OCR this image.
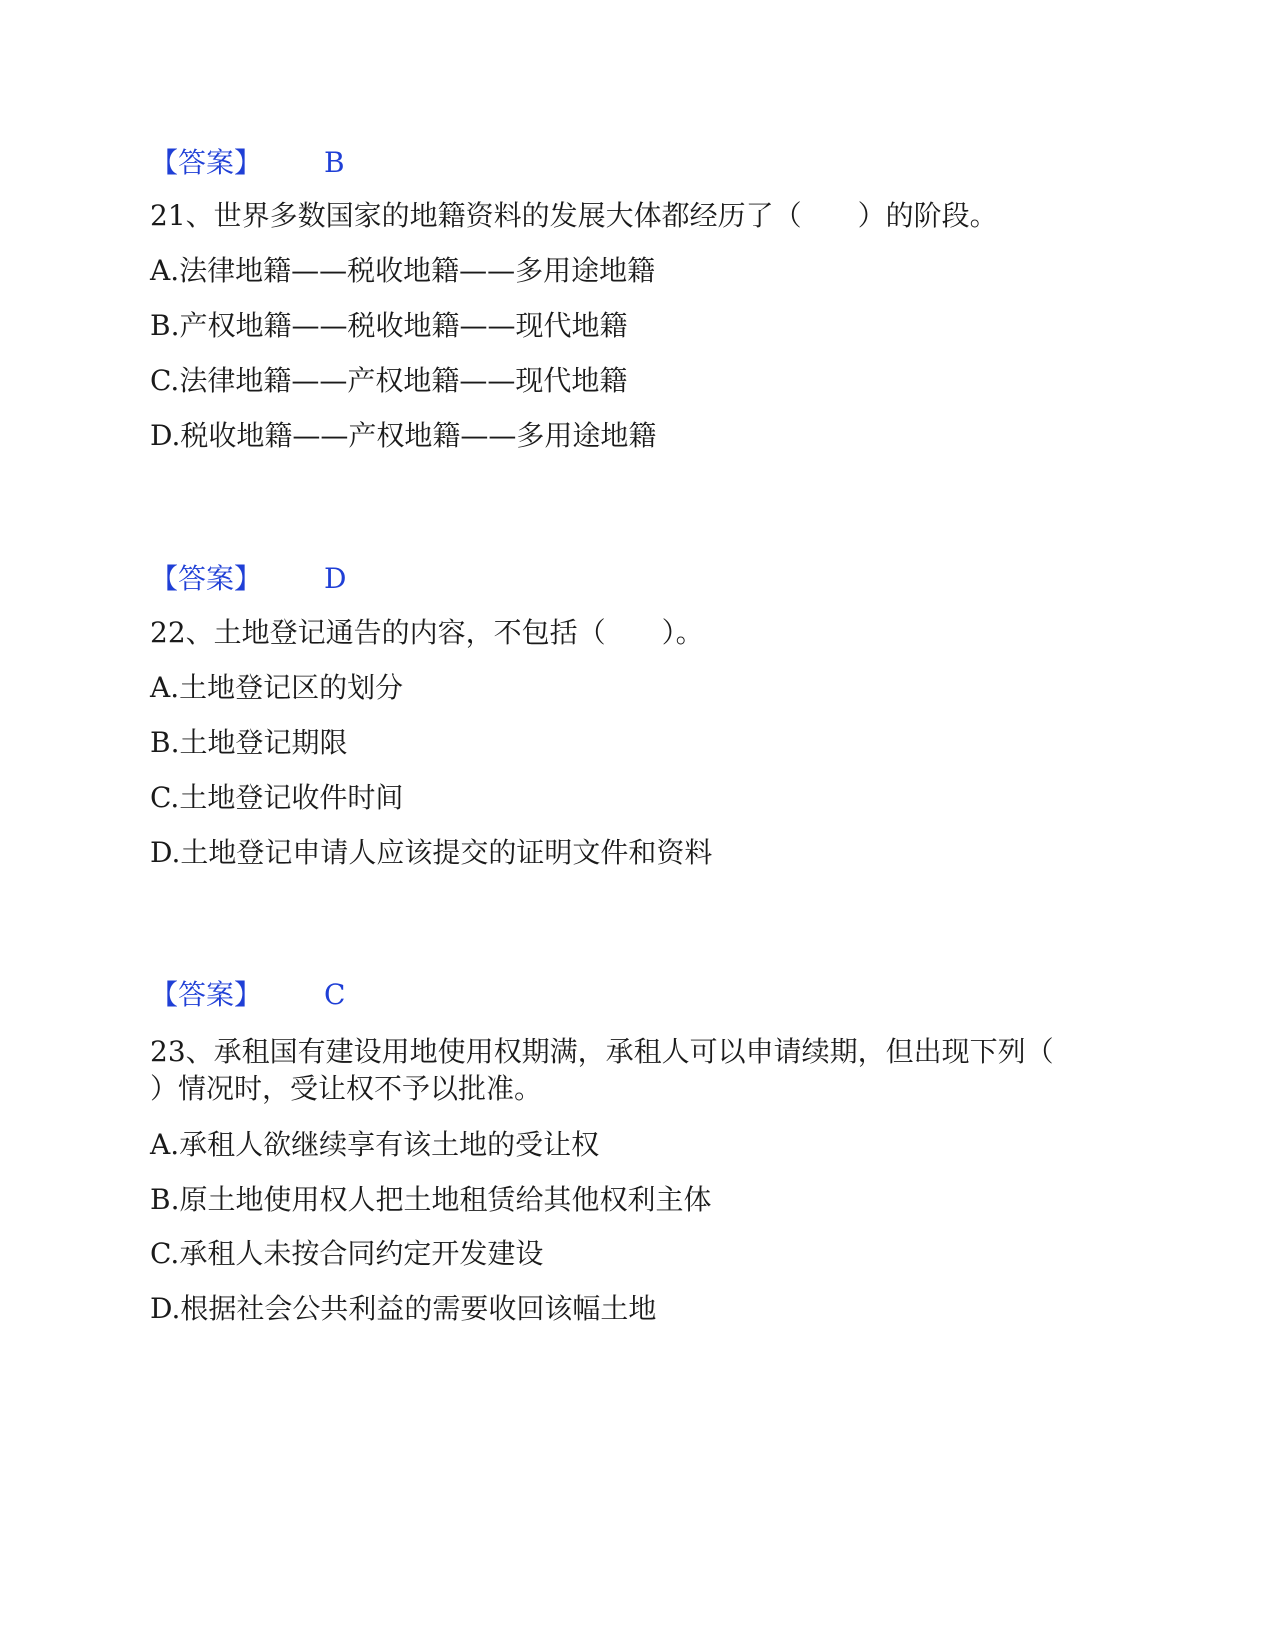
【答案】 B
21、世界多数国家的地籍资料的发展大体都经历了（　　）的阶段。
A.法律地籍——税收地籍——多用途地籍
B.产权地籍——税收地籍——现代地籍
C.法律地籍——产权地籍——现代地籍
D.税收地籍——产权地籍——多用途地籍
【答案】 D
22、土地登记通告的内容，不包括（　　）。
A.土地登记区的划分
B.土地登记期限
C.土地登记收件时间
D.土地登记申请人应该提交的证明文件和资料
【答案】 C
23、承租国有建设用地使用权期满，承租人可以申请续期，但出现下列（
）情况时，受让权不予以批准。
A.承租人欲继续享有该土地的受让权
B.原土地使用权人把土地租赁给其他权利主体
C.承租人未按合同约定开发建设
D.根据社会公共利益的需要收回该幅土地
